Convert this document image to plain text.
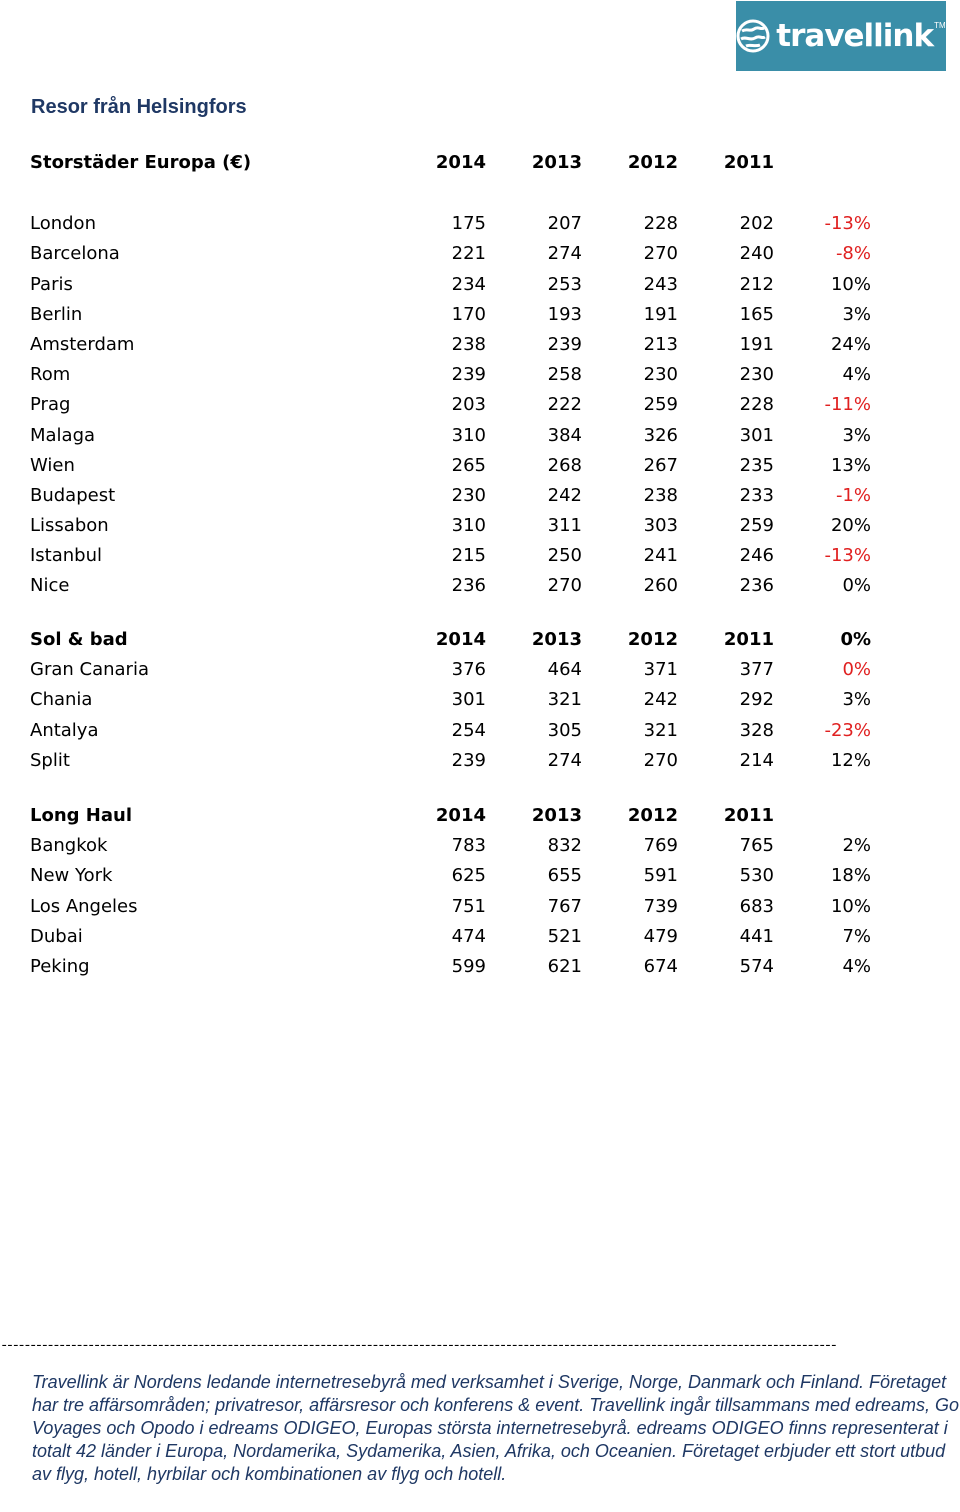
travellink TM
Resor från Helsingfors
Storstäder Europa (€)	2014	2013	2012	2011
London	175	207	228	202	-13%
Barcelona	221	274	270	240	-8%
Paris	234	253	243	212	10%
Berlin	170	193	191	165	3%
Amsterdam	238	239	213	191	24%
Rom	239	258	230	230	4%
Prag	203	222	259	228	-11%
Malaga	310	384	326	301	3%
Wien	265	268	267	235	13%
Budapest	230	242	238	233	-1%
Lissabon	310	311	303	259	20%
Istanbul	215	250	241	246	-13%
Nice	236	270	260	236	0%
Sol & bad	2014	2013	2012	2011	0%
Gran Canaria	376	464	371	377	0%
Chania	301	321	242	292	3%
Antalya	254	305	321	328	-23%
Split	239	274	270	214	12%
Long Haul	2014	2013	2012	2011
Bangkok	783	832	769	765	2%
New York	625	655	591	530	18%
Los Angeles	751	767	739	683	10%
Dubai	474	521	479	441	7%
Peking	599	621	674	574	4%
------------------------------------------------------------------------------------------------------------------------------------------------

Travellink är Nordens ledande internetresebyrå med verksamhet i Sverige, Norge, Danmark och Finland. Företaget har tre affärsområden; privatresor, affärsresor och konferens & event. Travellink ingår tillsammans med edreams, Go Voyages och Opodo i edreams ODIGEO, Europas största internetresebyrå. edreams ODIGEO finns representerat i totalt 42 länder i Europa, Nordamerika, Sydamerika, Asien, Afrika, och Oceanien. Företaget erbjuder ett stort utbud av flyg, hotell, hyrbilar och kombinationen av flyg och hotell.
